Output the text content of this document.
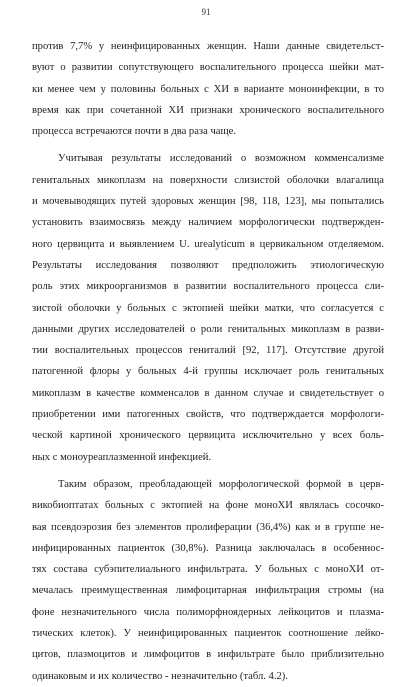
91
против 7,7% у неинфицированных женщин. Наши данные свидетельст-
вуют о развитии сопутствующего воспалительного процесса шейки мат-
ки менее чем у половины больных с ХИ в варианте моноинфекции, в то
время как при сочетанной ХИ признаки хронического воспалительного
процесса встречаются почти в два раза чаще.
Учитывая результаты исследований о возможном комменсализме
генитальных микоплазм на поверхности слизистой оболочки влагалища
и мочевыводящих путей здоровых женщин [98, 118, 123], мы попытались
установить взаимосвязь между наличием морфологически подтвержден-
ного цервицита и выявлением U. urealyticum в цервикальном отделяемом.
Результаты исследования позволяют предположить этиологическую
роль этих микроорганизмов в развитии воспалительного процесса сли-
зистой оболочки у больных с эктопией шейки матки, что согласуется с
данными других исследователей о роли генитальных микоплазм в разви-
тии воспалительных процессов гениталий [92, 117]. Отсутствие другой
патогенной флоры у больных 4-й группы исключает роль генитальных
микоплазм в качестве комменсалов в данном случае и свидетельствует о
приобретении ими патогенных свойств, что подтверждается морфологи-
ческой картиной хронического цервицита исключительно у всех боль-
ных с моноуреаплазменной инфекцией.
Таким образом, преобладающей морфологической формой в церв-
викобиоптатах больных с эктопией на фоне моноХИ являлась сосочко-
вая псевдоэрозия без элементов пролиферации (36,4%) как и в группе не-
инфицированных пациенток (30,8%). Разница заключалась в особеннос-
тях состава субэпителиального инфильтрата. У больных с моноХИ от-
мечалась преимущественная лимфоцитарная инфильтрация стромы (на
фоне незначительного числа полиморфноядерных лейкоцитов и плазма-
тических клеток). У неинфицированных пациенток соотношение лейко-
цитов, плазмоцитов и лимфоцитов в инфильтрате было приблизительно
одинаковым и их количество - незначительно (табл. 4.2).
